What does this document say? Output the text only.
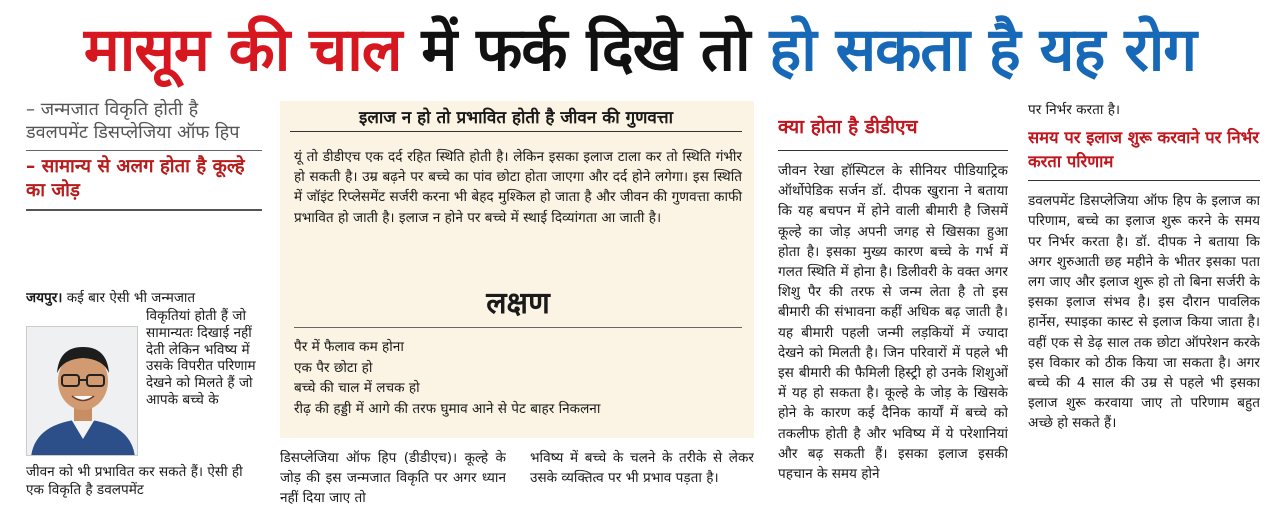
मासूम की चाल में फर्क दिखे तो हो सकता है यह रोग
– जन्मजात विकृति होती है डवलपमेंट डिसप्लेजिया ऑफ हिप
– सामान्य से अलग होता है कूल्हे का जोड़
जयपुर। कई बार ऐसी भी जन्मजात
विकृतियां होती हैं जो सामान्यतः दिखाई नहीं देती लेकिन भविष्य में उसके विपरीत परिणाम देखने को मिलते हैं जो आपके बच्चे के
जीवन को भी प्रभावित कर सकते हैं। ऐसी ही एक विकृति है डवलपमेंट
इलाज न हो तो प्रभावित होती है जीवन की गुणवत्ता
यूं तो डीडीएच एक दर्द रहित स्थिति होती है। लेकिन इसका इलाज टाला कर तो स्थिति गंभीर हो सकती है। उम्र बढ़ने पर बच्चे का पांव छोटा होता जाएगा और दर्द होने लगेगा। इस स्थिति में जॉइंट रिप्लेसमेंट सर्जरी करना भी बेहद मुश्किल हो जाता है और जीवन की गुणवत्ता काफी प्रभावित हो जाती है। इलाज न होने पर बच्चे में स्थाई दिव्यांगता आ जाती है।
लक्षण
पैर में फैलाव कम होना
एक पैर छोटा हो
बच्चे की चाल में लचक हो
रीढ़ की हड्डी में आगे की तरफ घुमाव आने से पेट बाहर निकलना
डिसप्लेजिया ऑफ हिप (डीडीएच)। कूल्हे के जोड़ की इस जन्मजात विकृति पर अगर ध्यान नहीं दिया जाए तो
भविष्य में बच्चे के चलने के तरीके से लेकर उसके व्यक्तित्व पर भी प्रभाव पड़ता है।
क्या होता है डीडीएच
जीवन रेखा हॉस्पिटल के सीनियर पीडियाट्रिक ऑर्थोपेडिक सर्जन डॉ. दीपक खुराना ने बताया कि यह बचपन में होने वाली बीमारी है जिसमें कूल्हे का जोड़ अपनी जगह से खिसका हुआ होता है। इसका मुख्य कारण बच्चे के गर्भ में गलत स्थिति में होना है। डिलीवरी के वक्त अगर शिशु पैर की तरफ से जन्म लेता है तो इस बीमारी की संभावना कहीं अधिक बढ़ जाती है। यह बीमारी पहली जन्मी लड़कियों में ज्यादा देखने को मिलती है। जिन परिवारों में पहले भी इस बीमारी की फैमिली हिस्ट्री हो उनके शिशुओं में यह हो सकता है। कूल्हे के जोड़ के खिसके होने के कारण कई दैनिक कार्यों में बच्चे को तकलीफ होती है और भविष्य में ये परेशानियां और बढ़ सकती हैं। इसका इलाज इसकी पहचान के समय होने
पर निर्भर करता है।
समय पर इलाज शुरू करवाने पर निर्भर करता परिणाम
डवलपमेंट डिसप्लेजिया ऑफ हिप के इलाज का परिणाम, बच्चे का इलाज शुरू करने के समय पर निर्भर करता है। डॉ. दीपक ने बताया कि अगर शुरुआती छह महीने के भीतर इसका पता लग जाए और इलाज शुरू हो तो बिना सर्जरी के इसका इलाज संभव है। इस दौरान पावलिक हार्नेस, स्पाइका कास्ट से इलाज किया जाता है। वहीं एक से डेढ़ साल तक छोटा ऑपरेशन करके इस विकार को ठीक किया जा सकता है। अगर बच्चे की 4 साल की उम्र से पहले भी इसका इलाज शुरू करवाया जाए तो परिणाम बहुत अच्छे हो सकते हैं।
